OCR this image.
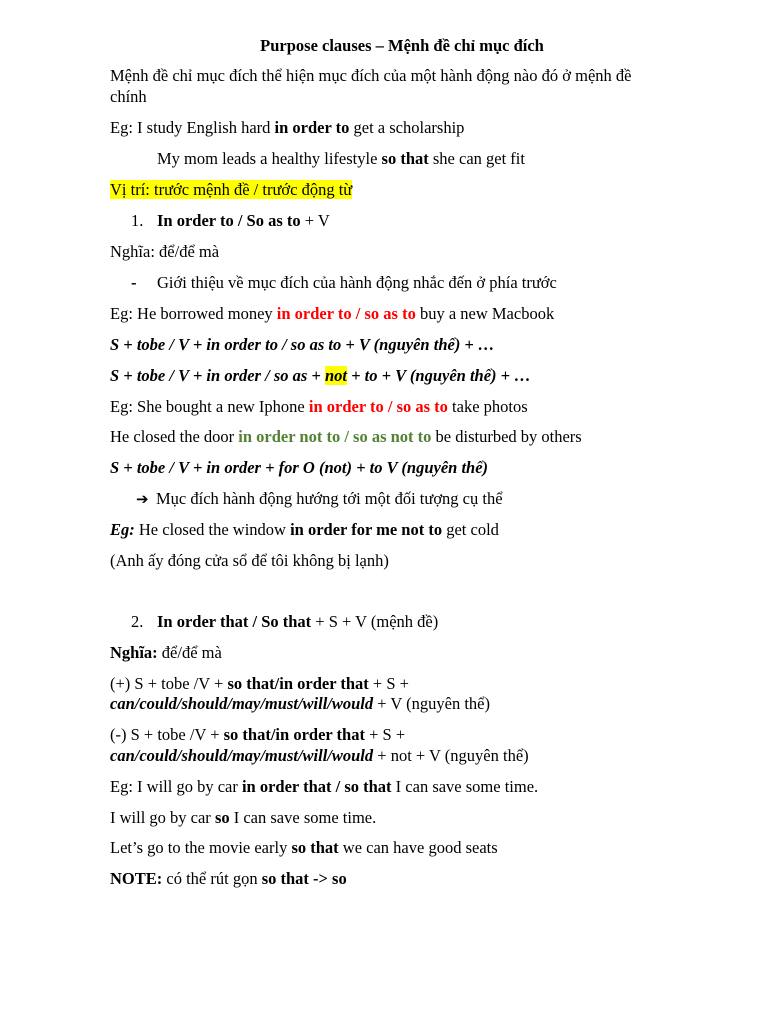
Purpose clauses – Mệnh đề chỉ mục đích
Mệnh đề chỉ mục đích thể hiện mục đích của một hành động nào đó ở mệnh đề
chính
Eg: I study English hard in order to get a scholarship
My mom leads a healthy lifestyle so that she can get fit
Vị trí: trước mệnh đề / trước động từ
1. In order to / So as to + V
Nghĩa: để/để mà
- Giới thiệu về mục đích của hành động nhắc đến ở phía trước
Eg: He borrowed money in order to / so as to buy a new Macbook
S + tobe / V + in order to / so as to + V (nguyên thể) + …
S + tobe / V + in order / so as + not + to + V (nguyên thể) + …
Eg: She bought a new Iphone in order to / so as to take photos
He closed the door in order not to / so as not to be disturbed by others
S + tobe / V + in order + for O (not) + to V (nguyên thể)
➔ Mục đích hành động hướng tới một đối tượng cụ thể
Eg: He closed the window in order for me not to get cold
(Anh ấy đóng cửa sổ để tôi không bị lạnh)
2. In order that / So that + S + V (mệnh đề)
Nghĩa: để/để mà
(+) S + tobe /V + so that/in order that + S +
can/could/should/may/must/will/would + V (nguyên thể)
(-) S + tobe /V + so that/in order that + S +
can/could/should/may/must/will/would + not + V (nguyên thể)
Eg: I will go by car in order that / so that I can save some time.
I will go by car so I can save some time.
Let’s go to the movie early so that we can have good seats
NOTE: có thể rút gọn so that -> so
